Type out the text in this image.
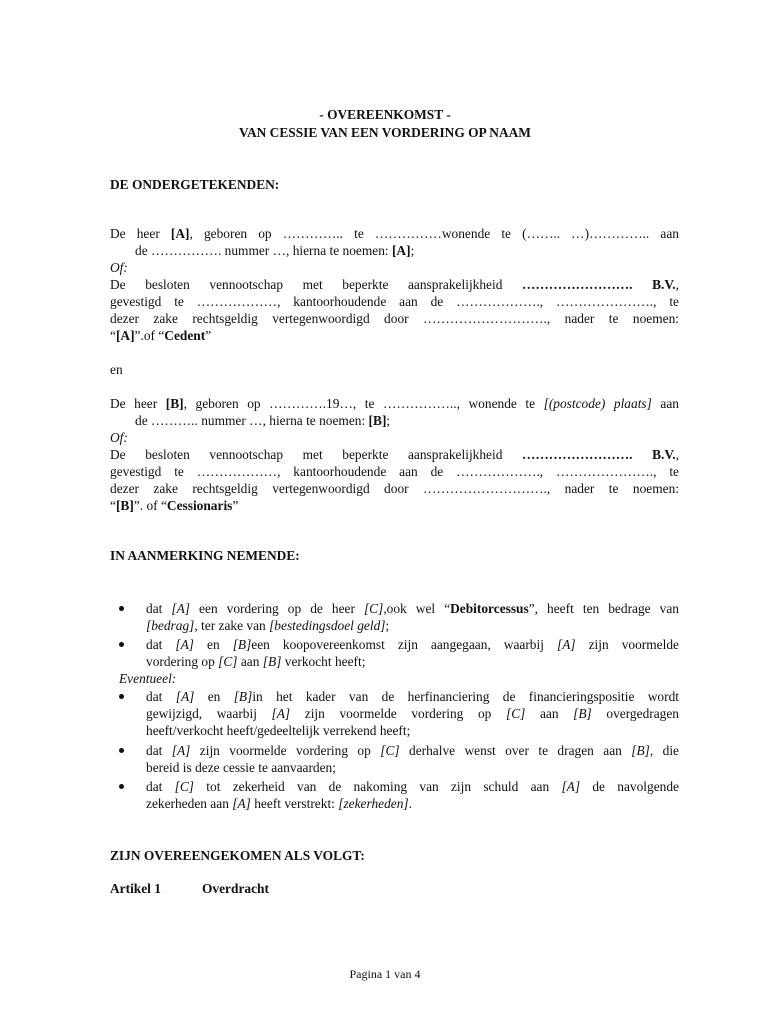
- OVEREENKOMST -
VAN CESSIE VAN EEN VORDERING OP NAAM
DE ONDERGETEKENDEN:
De heer [A], geboren op ………….. te ……………wonende te (…….. …)………….. aan
de ……………. nummer …, hierna te noemen: [A];
Of:
De besloten vennootschap met beperkte aansprakelijkheid ……………………. B.V.,
gevestigd te ………………, kantoorhoudende aan de ………………., …………………., te
dezer zake rechtsgeldig vertegenwoordigd door ………………………., nader te noemen:
“[A]”.of “Cedent”
en
De heer [B], geboren op ………….19…, te …………….., wonende te [(postcode) plaats] aan
de ……….. nummer …, hierna te noemen: [B];
Of:
De besloten vennootschap met beperkte aansprakelijkheid ……………………. B.V.,
gevestigd te ………………, kantoorhoudende aan de ………………., …………………., te
dezer zake rechtsgeldig vertegenwoordigd door ………………………., nader te noemen:
“[B]”. of “Cessionaris”
IN AANMERKING NEMENDE:
dat [A] een vordering op de heer [C],ook wel “Debitorcessus”, heeft ten bedrage van
[bedrag], ter zake van [bestedingsdoel geld];
dat [A] en [B]een koopovereenkomst zijn aangegaan, waarbij [A] zijn voormelde
vordering op [C] aan [B] verkocht heeft;
Eventueel:
dat [A] en [B]in het kader van de herfinanciering de financieringspositie wordt
gewijzigd, waarbij [A] zijn voormelde vordering op [C] aan [B] overgedragen
heeft/verkocht heeft/gedeeltelijk verrekend heeft;
dat [A] zijn voormelde vordering op [C] derhalve wenst over te dragen aan [B], die
bereid is deze cessie te aanvaarden;
dat [C] tot zekerheid van de nakoming van zijn schuld aan [A] de navolgende
zekerheden aan [A] heeft verstrekt: [zekerheden].
ZIJN OVEREENGEKOMEN ALS VOLGT:
Artikel 1	Overdracht
Pagina 1 van 4
